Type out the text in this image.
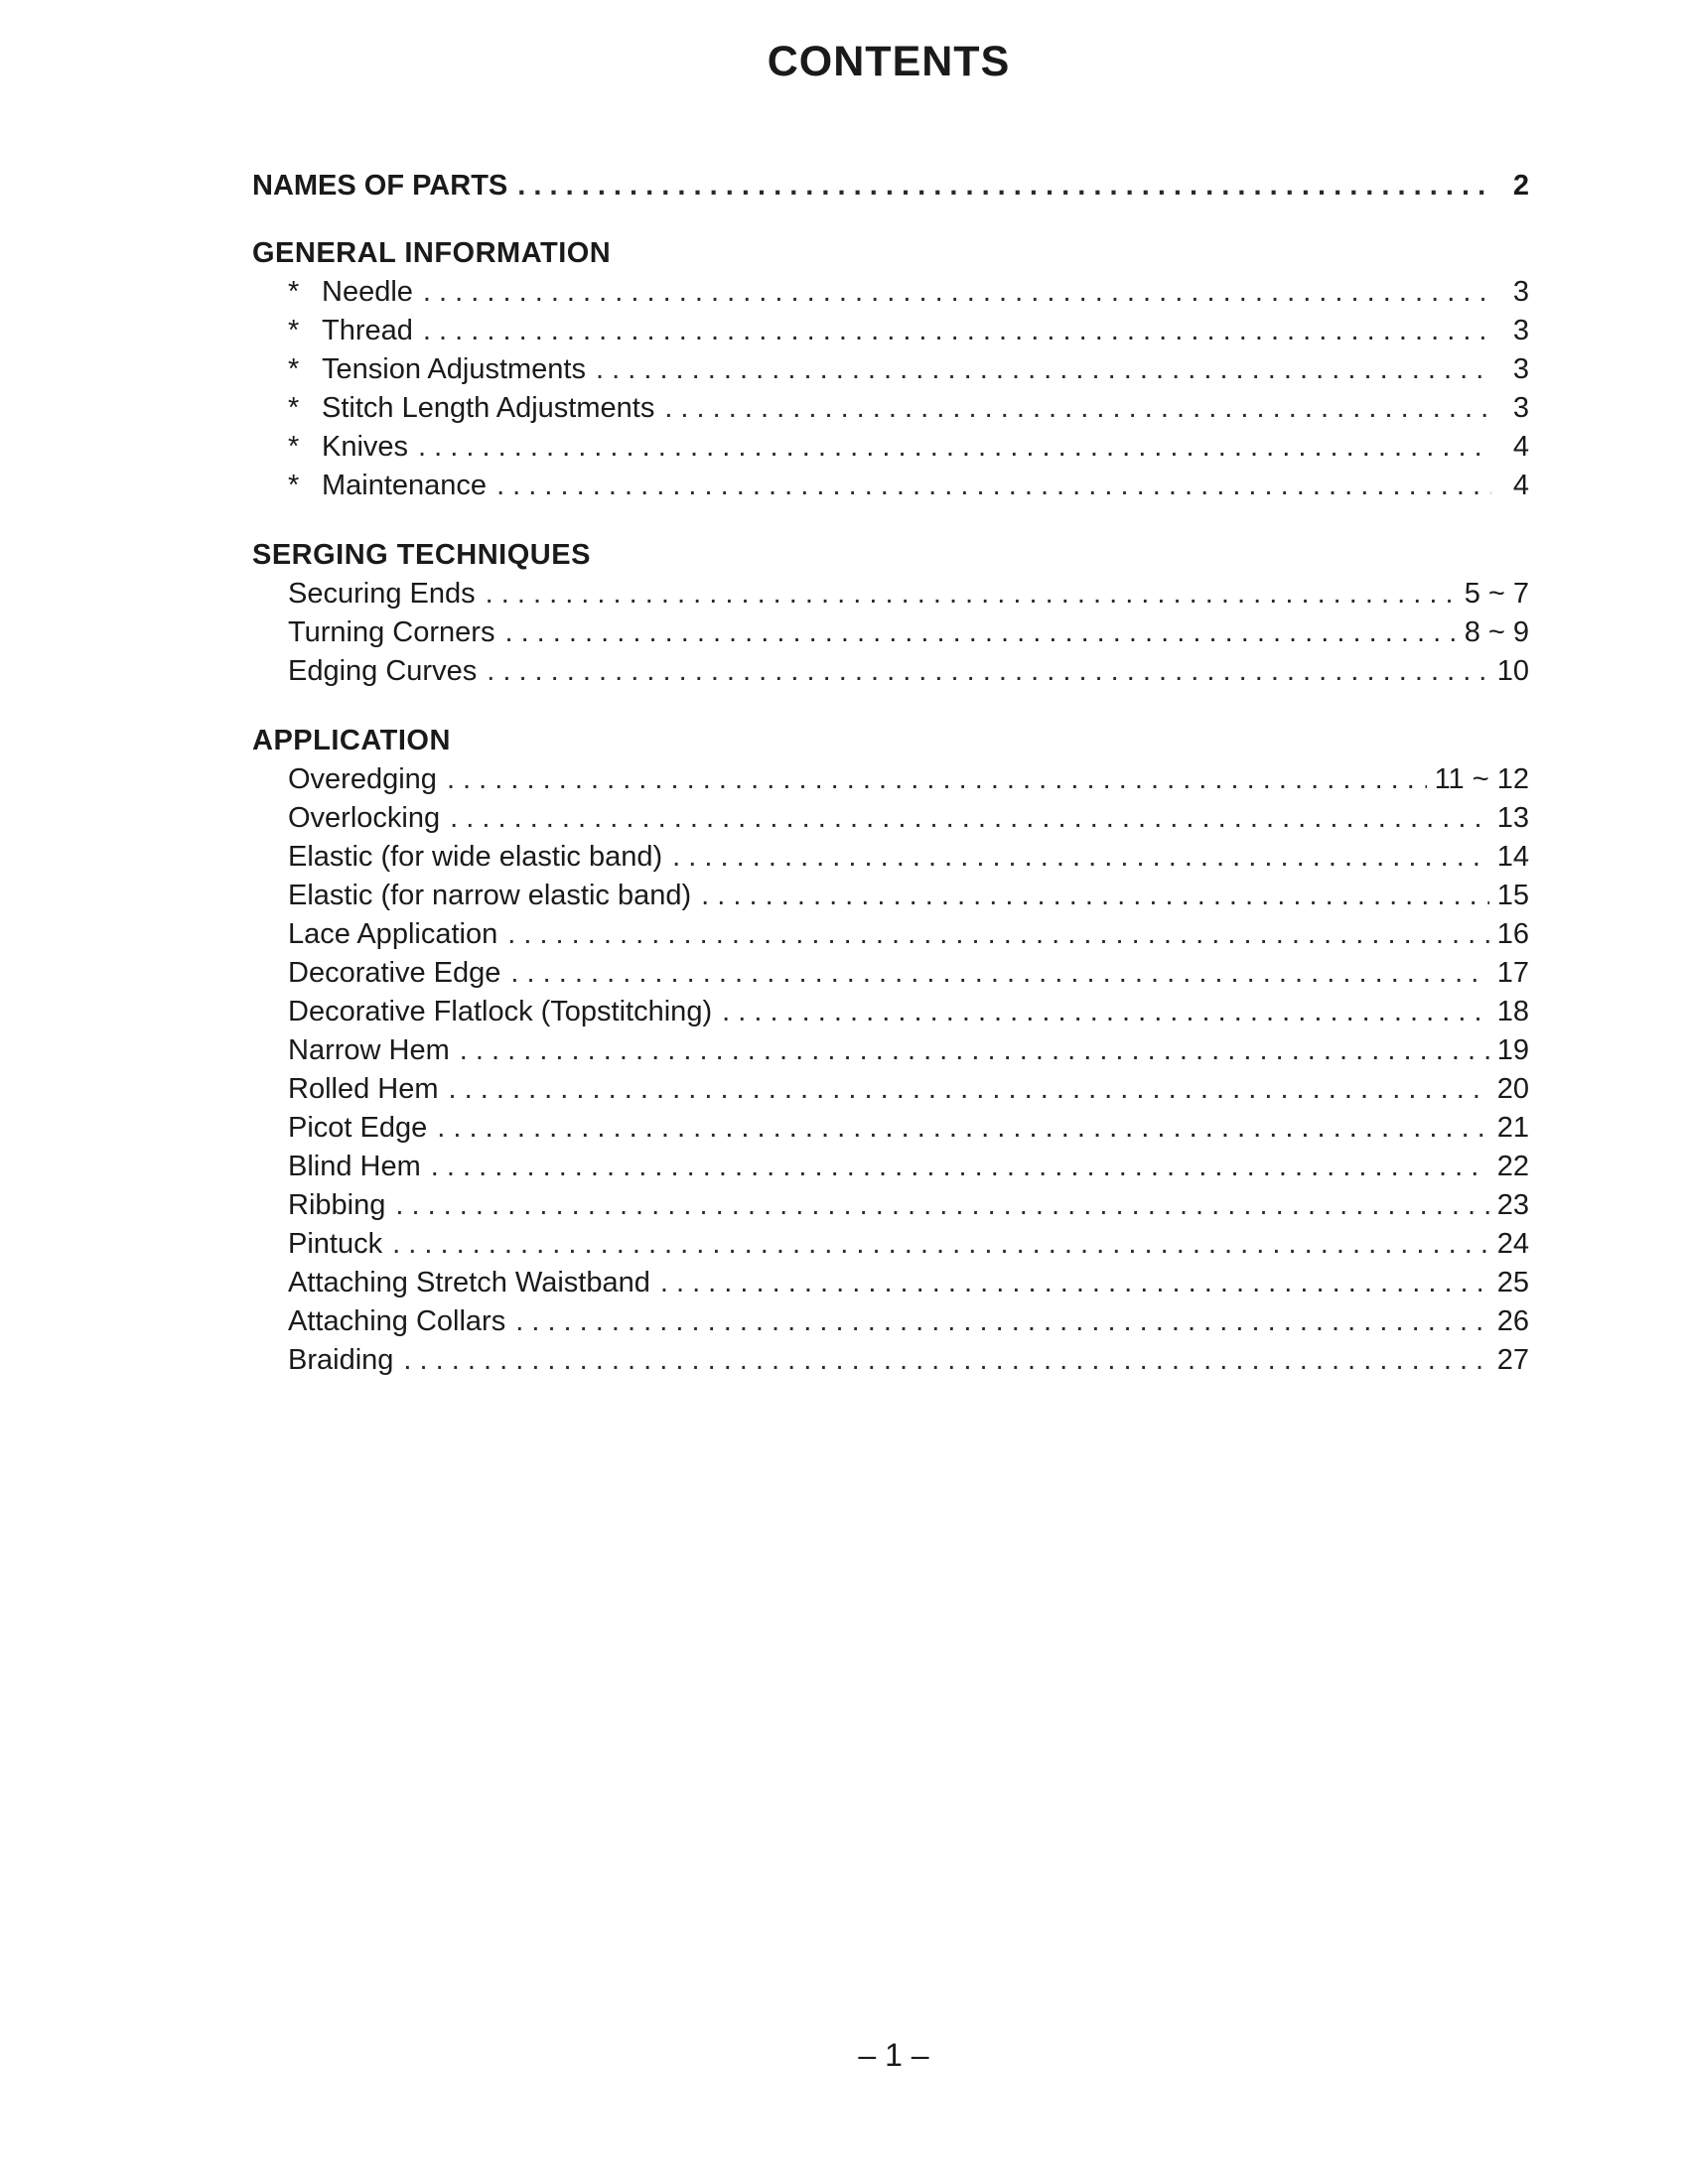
CONTENTS
NAMES OF PARTS . . .	2
GENERAL INFORMATION
* Needle . . .	3
* Thread . . .	3
* Tension Adjustments . . .	3
* Stitch Length Adjustments . . .	3
* Knives . . .	4
* Maintenance . . .	4
SERGING TECHNIQUES
Securing Ends . . .	5 ~ 7
Turning Corners . . .	8 ~ 9
Edging Curves . . .	10
APPLICATION
Overedging . . .	11 ~ 12
Overlocking . . .	13
Elastic (for wide elastic band) . . .	14
Elastic (for narrow elastic band) . . .	15
Lace Application . . .	16
Decorative Edge . . .	17
Decorative Flatlock (Topstitching) . . .	18
Narrow Hem . . .	19
Rolled Hem . . .	20
Picot Edge . . .	21
Blind Hem . . .	22
Ribbing . . .	23
Pintuck . . .	24
Attaching Stretch Waistband . . .	25
Attaching Collars . . .	26
Braiding . . .	27
– 1 –
